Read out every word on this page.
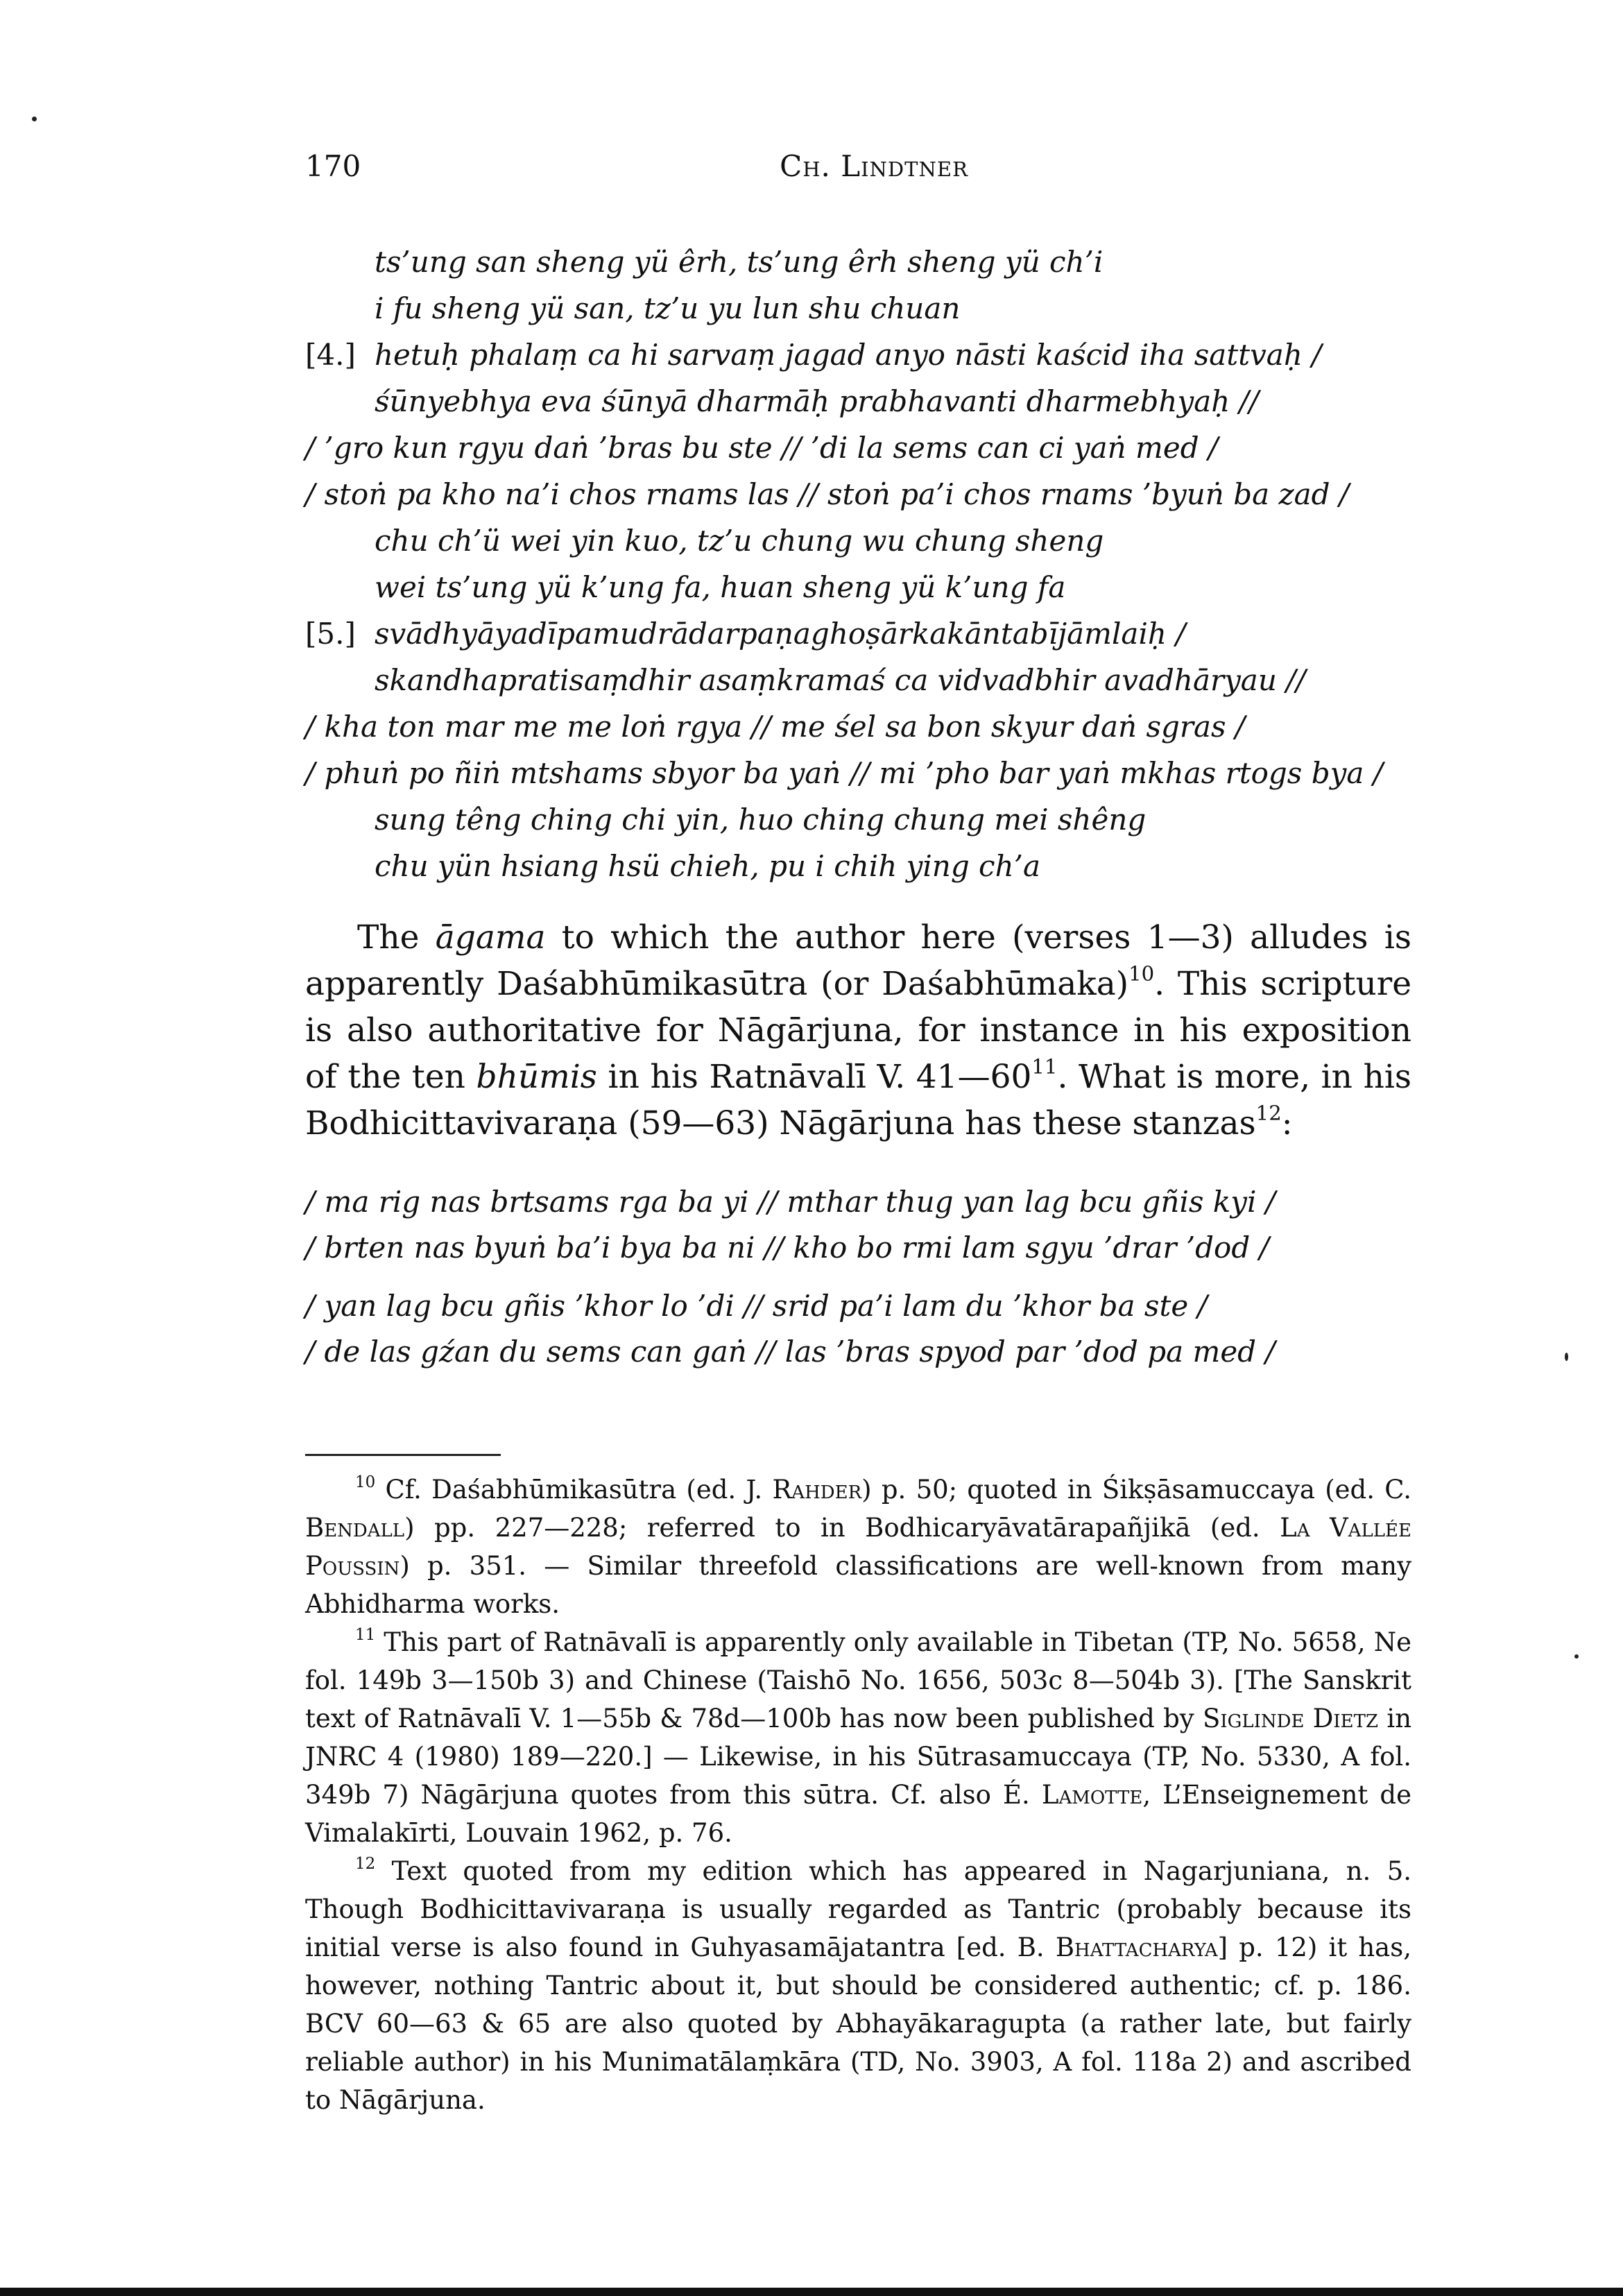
170	Ch. Lindtner
ts’ung san sheng yü êrh, ts’ung êrh sheng yü ch’i
i fu sheng yü san, tz’u yu lun shu chuan
[4.] hetuḥ phalaṃ ca hi sarvaṃ jagad anyo nāsti kaścid iha sattvaḥ /
śūnyebhya eva śūnyā dharmāḥ prabhavanti dharmebhyaḥ //
/ ’gro kun rgyu daṅ ’bras bu ste // ’di la sems can ci yaṅ med /
/ stoṅ pa kho na’i chos rnams las // stoṅ pa’i chos rnams ’byuṅ ba zad /
chu ch’ü wei yin kuo, tz’u chung wu chung sheng
wei ts’ung yü k’ung fa, huan sheng yü k’ung fa
[5.] svādhyāyadīpamudrādarpaṇaghoṣārkakāntabījāmlaiḥ /
skandhapratisaṃdhir asaṃkramaś ca vidvadbhir avadhāryau //
/ kha ton mar me me loṅ rgya // me śel sa bon skyur daṅ sgras /
/ phuṅ po ñiṅ mtshams sbyor ba yaṅ // mi ’pho bar yaṅ mkhas rtogs bya /
sung têng ching chi yin, huo ching chung mei shêng
chu yün hsiang hsü chieh, pu i chih ying ch’a

The āgama to which the author here (verses 1—3) alludes is apparently Daśabhūmikasūtra (or Daśabhūmaka)$^{10}$. This scripture is also authoritative for Nāgārjuna, for instance in his exposition of the ten bhūmis in his Ratnāvalī V. $41—60^{11}$. What is more, in his Bodhicittavivaraṇa (59—63) Nāgārjuna has these stanzas$^{12}$:

/ ma rig nas brtsams rga ba yi // mthar thug yan lag bcu gñis kyi /
/ brten nas byuṅ ba’i bya ba ni // kho bo rmi lam sgyu ’drar ’dod /
/ yan lag bcu gñis ’khor lo ’di // srid pa’i lam du ’khor ba ste /
/ de las gźan du sems can gaṅ // las ’bras spyod par ’dod pa med /

$^{10}$ Cf. Daśabhūmikasūtra (ed. J. Rahder) p. 50; quoted in Śikṣāsamuccaya (ed. C. Bendall) pp. 227—228; referred to in Bodhicaryāvatārapañjikā (ed. La Vallée Poussin) p. 351. — Similar threefold classifications are well-known from many Abhidharma works.

$^{11}$ This part of Ratnāvalī is apparently only available in Tibetan (TP, No. 5658, Ne fol. 149b 3—150b 3) and Chinese (Taishō No. 1656, 503c 8—504b 3). [The Sanskrit text of Ratnāvalī V. 1—55b & 78d—100b has now been published by Siglinde Dietz in JNRC 4 (1980) 189—220.] — Likewise, in his Sūtrasamuccaya (TP, No. 5330, A fol. 349b 7) Nāgārjuna quotes from this sūtra. Cf. also É. Lamotte, L’Enseignement de Vimalakīrti, Louvain 1962, p. 76.

$^{12}$ Text quoted from my edition which has appeared in Nagarjuniana, n. 5. Though Bodhicittavivaraṇa is usually regarded as Tantric (probably because its initial verse is also found in Guhyasamājatantra [ed. B. Bhattacharya] p. 12) it has, however, nothing Tantric about it, but should be considered authentic; cf. p. 186. BCV 60—63 & 65 are also quoted by Abhayākaragupta (a rather late, but fairly reliable author) in his Munimatālaṃkāra (TD, No. 3903, A fol. 118a 2) and ascribed to Nāgārjuna.
